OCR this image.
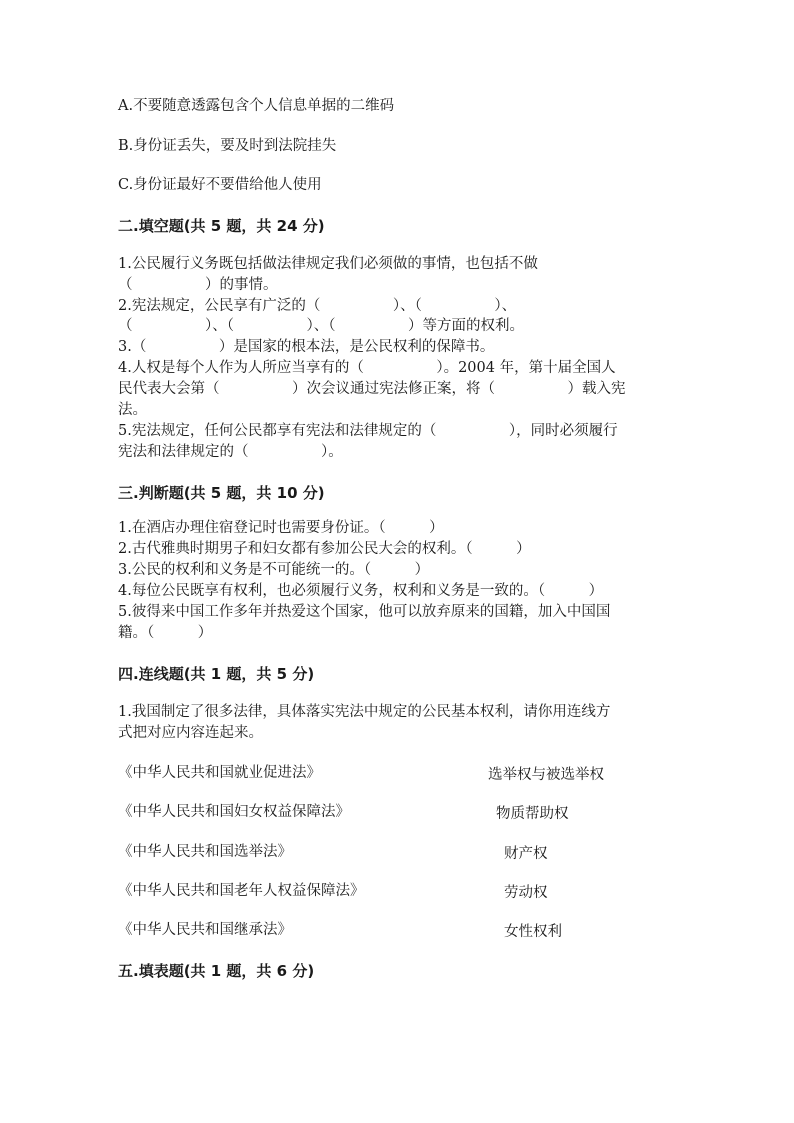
A.不要随意透露包含个人信息单据的二维码
B.身份证丢失，要及时到法院挂失
C.身份证最好不要借给他人使用
二.填空题(共 5 题，共 24 分)
1.公民履行义务既包括做法律规定我们必须做的事情，也包括不做
（　　　　　）的事情。
2.宪法规定，公民享有广泛的（　　　　　）、（　　　　　）、
（　　　　　）、（　　　　　）、（　　　　　）等方面的权利。
3.（　　　　　）是国家的根本法，是公民权利的保障书。
4.人权是每个人作为人所应当享有的（　　　　　）。2004 年，第十届全国人
民代表大会第（　　　　　）次会议通过宪法修正案，将（　　　　　）载入宪
法。
5.宪法规定，任何公民都享有宪法和法律规定的（　　　　　），同时必须履行
宪法和法律规定的（　　　　　）。
三.判断题(共 5 题，共 10 分)
1.在酒店办理住宿登记时也需要身份证。（　　　）
2.古代雅典时期男子和妇女都有参加公民大会的权利。（　　　）
3.公民的权利和义务是不可能统一的。（　　　）
4.每位公民既享有权利，也必须履行义务，权利和义务是一致的。（　　　）
5.彼得来中国工作多年并热爱这个国家，他可以放弃原来的国籍，加入中国国
籍。（　　　）
四.连线题(共 1 题，共 5 分)
1.我国制定了很多法律，具体落实宪法中规定的公民基本权利，请你用连线方
式把对应内容连起来。
《中华人民共和国就业促进法》	选举权与被选举权
《中华人民共和国妇女权益保障法》	物质帮助权
《中华人民共和国选举法》	财产权
《中华人民共和国老年人权益保障法》	劳动权
《中华人民共和国继承法》	女性权利
五.填表题(共 1 题，共 6 分)
